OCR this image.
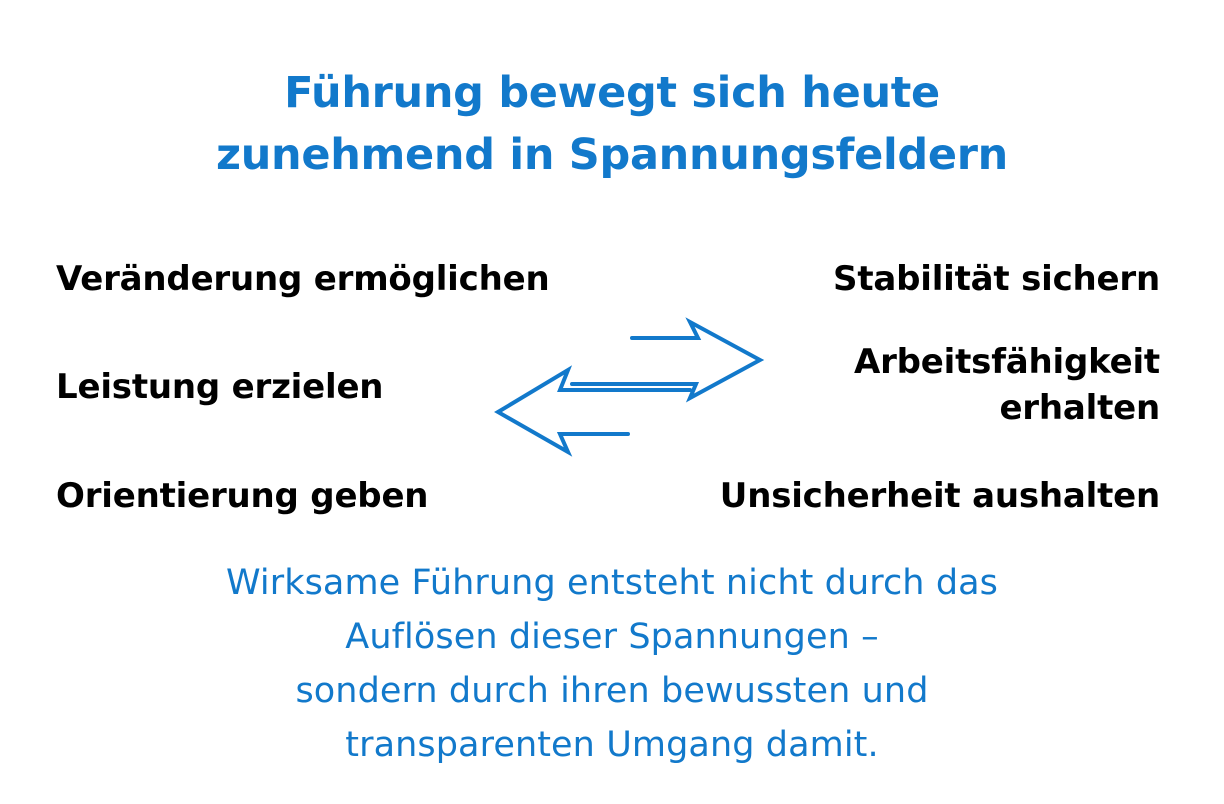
Führung bewegt sich heute
zunehmend in Spannungsfeldern
Veränderung ermöglichen
Leistung erzielen
Orientierung geben
Stabilität sichern
Arbeitsfähigkeit
erhalten
Unsicherheit aushalten
Wirksame Führung entsteht nicht durch das
Auflösen dieser Spannungen –
sondern durch ihren bewussten und
transparenten Umgang damit.
